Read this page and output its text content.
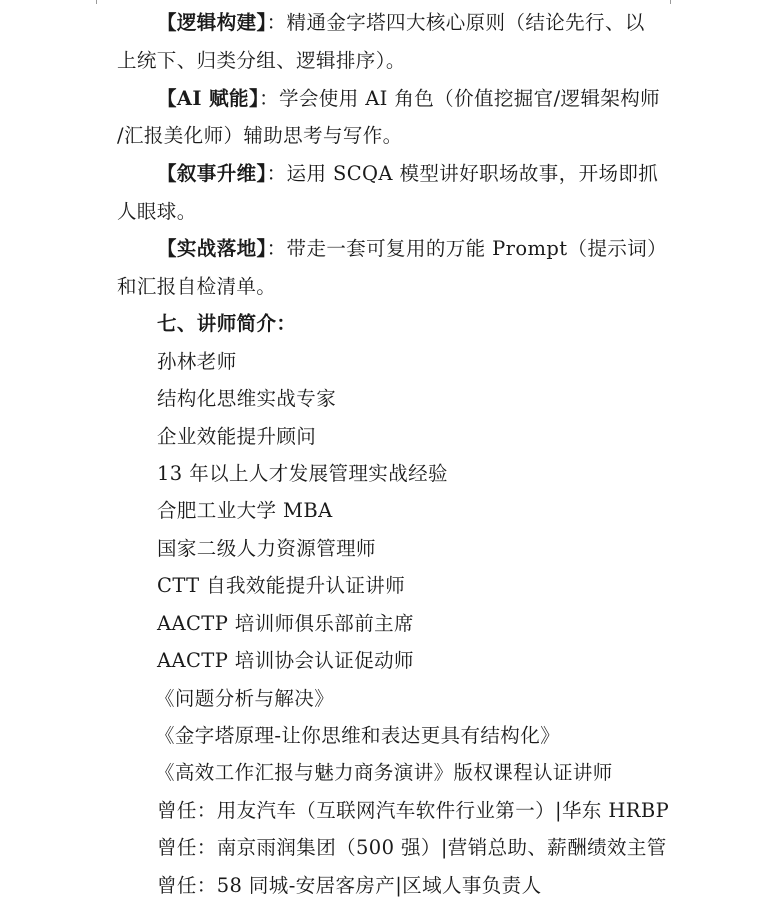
【逻辑构建】：精通金字塔四大核心原则（结论先行、以
上统下、归类分组、逻辑排序）。
【AI 赋能】：学会使用 AI 角色（价值挖掘官/逻辑架构师
/汇报美化师）辅助思考与写作。
【叙事升维】：运用 SCQA 模型讲好职场故事，开场即抓
人眼球。
【实战落地】：带走一套可复用的万能 Prompt（提示词）
和汇报自检清单。
七、讲师简介：
孙林老师
结构化思维实战专家
企业效能提升顾问
13 年以上人才发展管理实战经验
合肥工业大学 MBA
国家二级人力资源管理师
CTT 自我效能提升认证讲师
AACTP 培训师俱乐部前主席
AACTP 培训协会认证促动师
《问题分析与解决》
《金字塔原理-让你思维和表达更具有结构化》
《高效工作汇报与魅力商务演讲》版权课程认证讲师
曾任：用友汽车（互联网汽车软件行业第一）|华东 HRBP
曾任：南京雨润集团（500 强）|营销总助、薪酬绩效主管
曾任：58 同城-安居客房产|区域人事负责人
